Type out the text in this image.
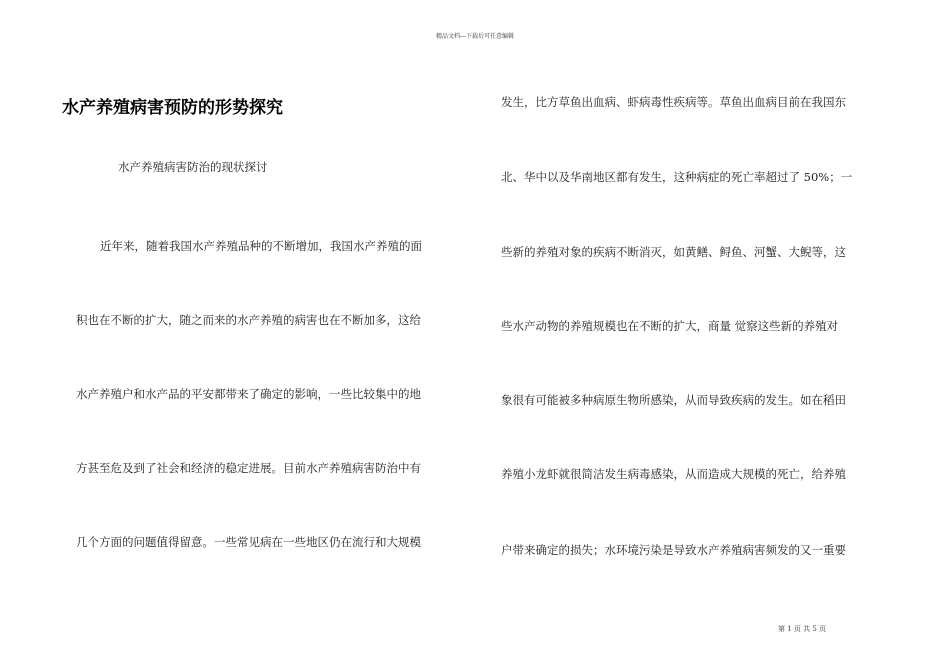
精品文档---下载后可任意编辑
水产养殖病害预防的形势探究
水产养殖病害防治的现状探讨
近年来，随着我国水产养殖品种的不断增加，我国水产养殖的面
积也在不断的扩大，随之而来的水产养殖的病害也在不断加多，这给
水产养殖户和水产品的平安都带来了确定的影响，一些比较集中的地
方甚至危及到了社会和经济的稳定进展。目前水产养殖病害防治中有
几个方面的问题值得留意。一些常见病在一些地区仍在流行和大规模
发生，比方草鱼出血病、虾病毒性疾病等。草鱼出血病目前在我国东
北、华中以及华南地区都有发生，这种病症的死亡率超过了 50%；一
些新的养殖对象的疾病不断消灭，如黄鳝、鲟鱼、河蟹、大鲵等，这
些水产动物的养殖规模也在不断的扩大，商量 觉察这些新的养殖对
象很有可能被多种病原生物所感染，从而导致疾病的发生。如在稻田
养殖小龙虾就很简洁发生病毒感染，从而造成大规模的死亡，给养殖
户带来确定的损失；水环境污染是导致水产养殖病害频发的又一重要
第 1 页 共 5 页
